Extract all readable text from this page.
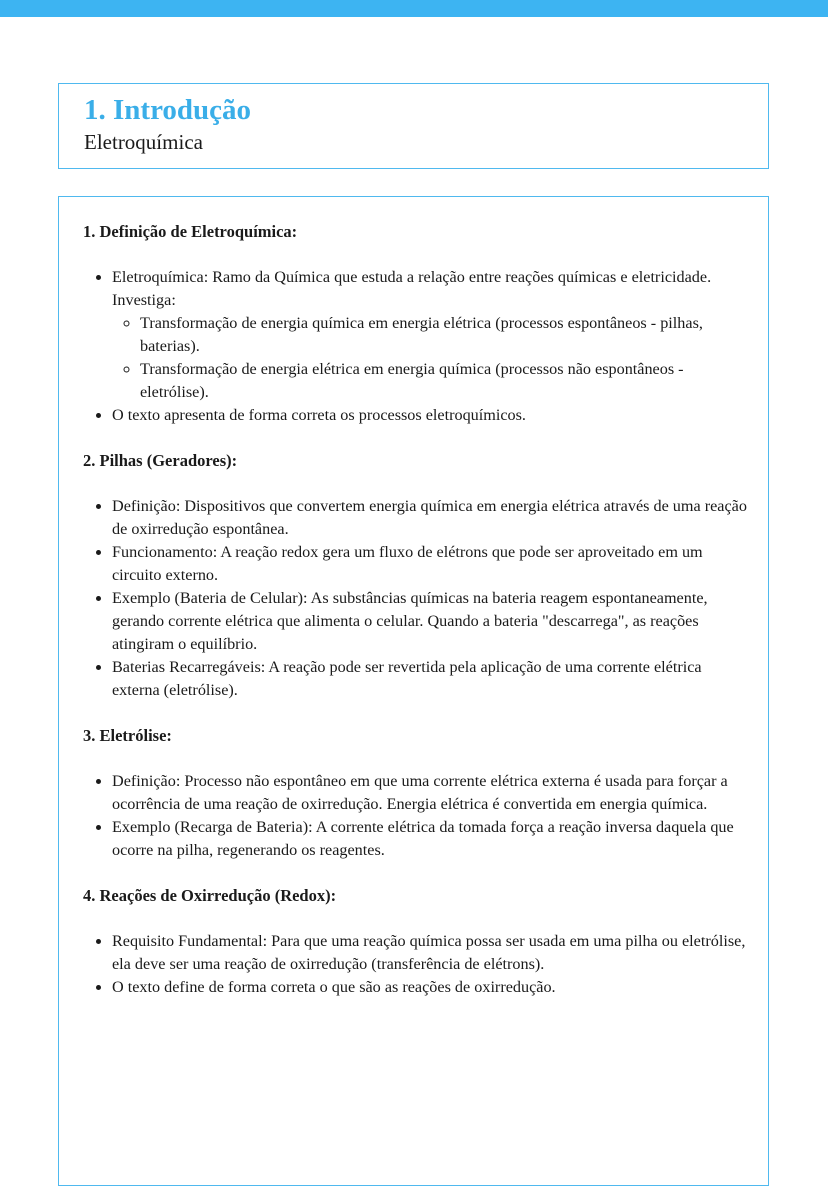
1. Introdução

Eletroquímica

1. Definição de Eletroquímica:

• Eletroquímica: Ramo da Química que estuda a relação entre reações químicas e eletricidade. Investiga:
◦ Transformação de energia química em energia elétrica (processos espontâneos - pilhas, baterias).
◦ Transformação de energia elétrica em energia química (processos não espontâneos - eletrólise).
• O texto apresenta de forma correta os processos eletroquímicos.

2. Pilhas (Geradores):

• Definição: Dispositivos que convertem energia química em energia elétrica através de uma reação de oxirredução espontânea.
• Funcionamento: A reação redox gera um fluxo de elétrons que pode ser aproveitado em um circuito externo.
• Exemplo (Bateria de Celular): As substâncias químicas na bateria reagem espontaneamente, gerando corrente elétrica que alimenta o celular. Quando a bateria "descarrega", as reações atingiram o equilíbrio.
• Baterias Recarregáveis: A reação pode ser revertida pela aplicação de uma corrente elétrica externa (eletrólise).

3. Eletrólise:

• Definição: Processo não espontâneo em que uma corrente elétrica externa é usada para forçar a ocorrência de uma reação de oxirredução. Energia elétrica é convertida em energia química.
• Exemplo (Recarga de Bateria): A corrente elétrica da tomada força a reação inversa daquela que ocorre na pilha, regenerando os reagentes.

4. Reações de Oxirredução (Redox):

• Requisito Fundamental: Para que uma reação química possa ser usada em uma pilha ou eletrólise, ela deve ser uma reação de oxirredução (transferência de elétrons).
• O texto define de forma correta o que são as reações de oxirredução.
